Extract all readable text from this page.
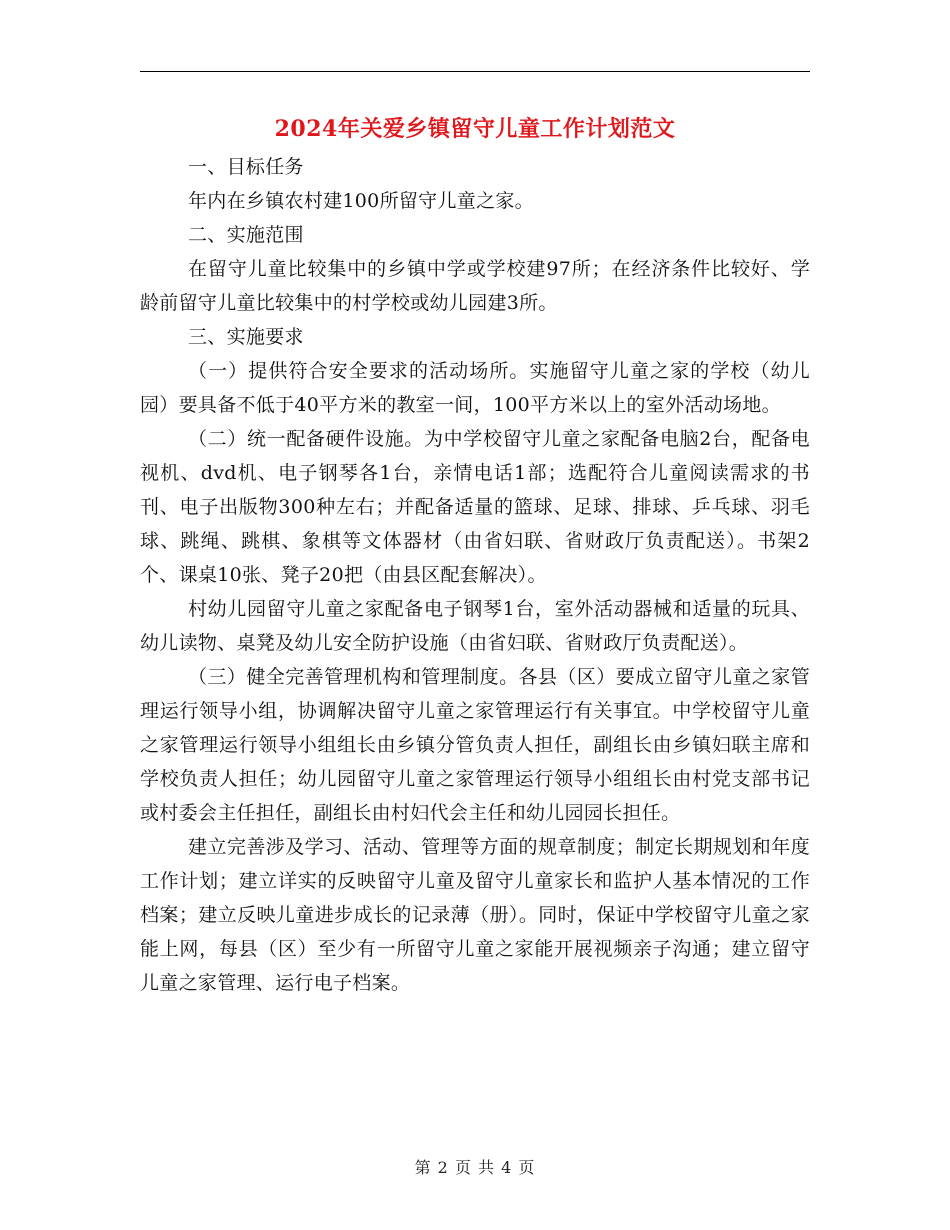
2024年关爱乡镇留守儿童工作计划范文

一、目标任务

年内在乡镇农村建100所留守儿童之家。

二、实施范围

在留守儿童比较集中的乡镇中学或学校建97所；在经济条件比较好、学龄前留守儿童比较集中的村学校或幼儿园建3所。

三、实施要求

（一）提供符合安全要求的活动场所。实施留守儿童之家的学校（幼儿园）要具备不低于40平方米的教室一间，100平方米以上的室外活动场地。

（二）统一配备硬件设施。为中学校留守儿童之家配备电脑2台，配备电视机、dvd机、电子钢琴各1台，亲情电话1部；选配符合儿童阅读需求的书刊、电子出版物300种左右；并配备适量的篮球、足球、排球、乒乓球、羽毛球、跳绳、跳棋、象棋等文体器材（由省妇联、省财政厅负责配送）。书架2个、课桌10张、凳子20把（由县区配套解决）。

村幼儿园留守儿童之家配备电子钢琴1台，室外活动器械和适量的玩具、幼儿读物、桌凳及幼儿安全防护设施（由省妇联、省财政厅负责配送）。

（三）健全完善管理机构和管理制度。各县（区）要成立留守儿童之家管理运行领导小组，协调解决留守儿童之家管理运行有关事宜。中学校留守儿童之家管理运行领导小组组长由乡镇分管负责人担任，副组长由乡镇妇联主席和学校负责人担任；幼儿园留守儿童之家管理运行领导小组组长由村党支部书记或村委会主任担任，副组长由村妇代会主任和幼儿园园长担任。

建立完善涉及学习、活动、管理等方面的规章制度；制定长期规划和年度工作计划；建立详实的反映留守儿童及留守儿童家长和监护人基本情况的工作档案；建立反映儿童进步成长的记录薄（册）。同时，保证中学校留守儿童之家能上网，每县（区）至少有一所留守儿童之家能开展视频亲子沟通；建立留守儿童之家管理、运行电子档案。

第 2 页 共 4 页
